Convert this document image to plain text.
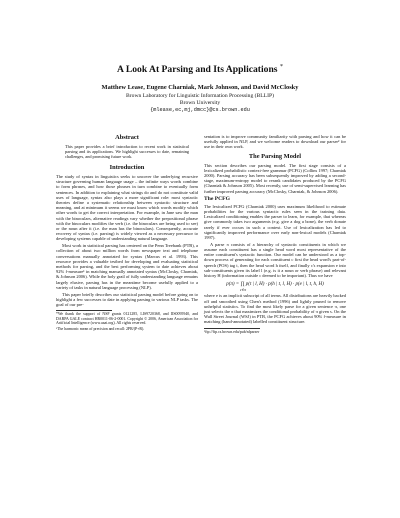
A Look At Parsing and Its Applications *
Matthew Lease, Eugene Charniak, Mark Johnson, and David McClosky
Brown Laboratory for Linguistic Information Processing (BLLIP)
Brown University
{mlease,ec,mj,dmcc}@cs.brown.edu
Abstract

This paper provides a brief introduction to recent work in statistical parsing and its applications. We highlight successes to date, remaining challenges, and promising future work.

Introduction

The study of syntax in linguistics seeks to uncover the underlying recursive structure governing human language usage – the infinite ways words combine to form phrases, and how those phrases in turn combine to eventually form sentences. In addition to explaining what strings do and do not constitute valid uses of language, syntax also plays a more significant role: most syntactic theories define a systematic relationship between syntactic structure and meaning, and at minimum it seems we must know which words modify which other words to get the correct interpretation. For example, in Jane saw the man with the binoculars, alternative readings vary whether the prepositional phrase with the binoculars modifies the verb (i.e. the binoculars are being used to see) or the noun after it (i.e. the man has the binoculars). Consequently, accurate recovery of syntax (i.e. parsing) is widely viewed as a necessary precursor to developing systems capable of understanding natural language.

Most work in statistical parsing has centered on the Penn Treebank (PTB), a collection of about two million words from newspaper text and telephone conversations manually annotated for syntax (Marcus et al. 1993). This resource provides a valuable testbed for developing and evaluating statistical methods for parsing, and the best performing system to date achieves about 92% f-measure¹ in matching manually annotated syntax (McClosky, Charniak, & Johnson 2006). While the holy grail of fully understanding language remains largely elusive, parsing has in the meantime become usefully applied to a variety of tasks in natural language processing (NLP).

This paper briefly describes our statistical parsing model before going on to highlight a few successes to date in applying parsing to various NLP tasks. The goal of our pre-

*We thank the support of NSF grants 0121285, LIS9720368, and IIS0095940, and DARPA GALE contract HR0011-06-2-0001. Copyright © 2006, American Association for Artificial Intelligence (www.aaai.org). All rights reserved.
¹The harmonic mean of precision and recall: 2PR/(P+R).

sentation is to improve community familiarity with parsing and how it can be usefully applied in NLP, and we welcome readers to download our parser² for use in their own work.

The Parsing Model

This section describes our parsing model. The first stage consists of a lexicalized probabilistic context-free grammar (PCFG) (Collins 1997; Charniak 2000). Parsing accuracy has been subsequently improved by adding a second-stage, maximum-entropy model to rerank candidates produced by the PCFG (Charniak & Johnson 2005). Most recently, use of semi-supervised learning has further improved parsing accuracy (McClosky, Charniak, & Johnson 2006).

The PCFG

The lexicalized PCFG (Charniak 2000) uses maximum likelihood to estimate probabilities for the various syntactic rules seen in the training data. Lexicalized conditioning enables the parser to learn, for example, that whereas give commonly takes two arguments (e.g. give a dog a bone), the verb donate rarely if ever occurs in such a context. Use of lexicalization has led to significantly improved performance over early non-lexical models (Charniak 1997).

A parse π consists of a hierarchy of syntactic constituents in which we assume each constituent has a single head word most representative of the entire constituent's syntactic function. Our model can be understood as a top-down process of generating for each constituent c first the head word's part-of-speech (POS) tag t, then the head word h itself, and finally c's expansion e into sub-constituents given its label l (e.g. is it a noun or verb phrase) and relevant history H (information outside c deemed to be important). Thus we have

p(π) = ∏ p(t | l, H) · p(h | t, l, H) · p(e | l, t, h, H)
c∈π

where e is an implicit subscript of all terms. All distributions are heavily backed off and smoothed using Chen's method (1996) and lightly pruned to remove unhelpful statistics. To find the most likely parse for a given sentence π, one just selects the π that maximizes the conditional probability of π given s. On the Wall Street Journal (WSJ) in PTB, the PCFG achieves about 90% f-measure in matching (hand-annotated) labelled constituent structure.

²ftp://ftp.cs.brown.edu/pub/nlparser
